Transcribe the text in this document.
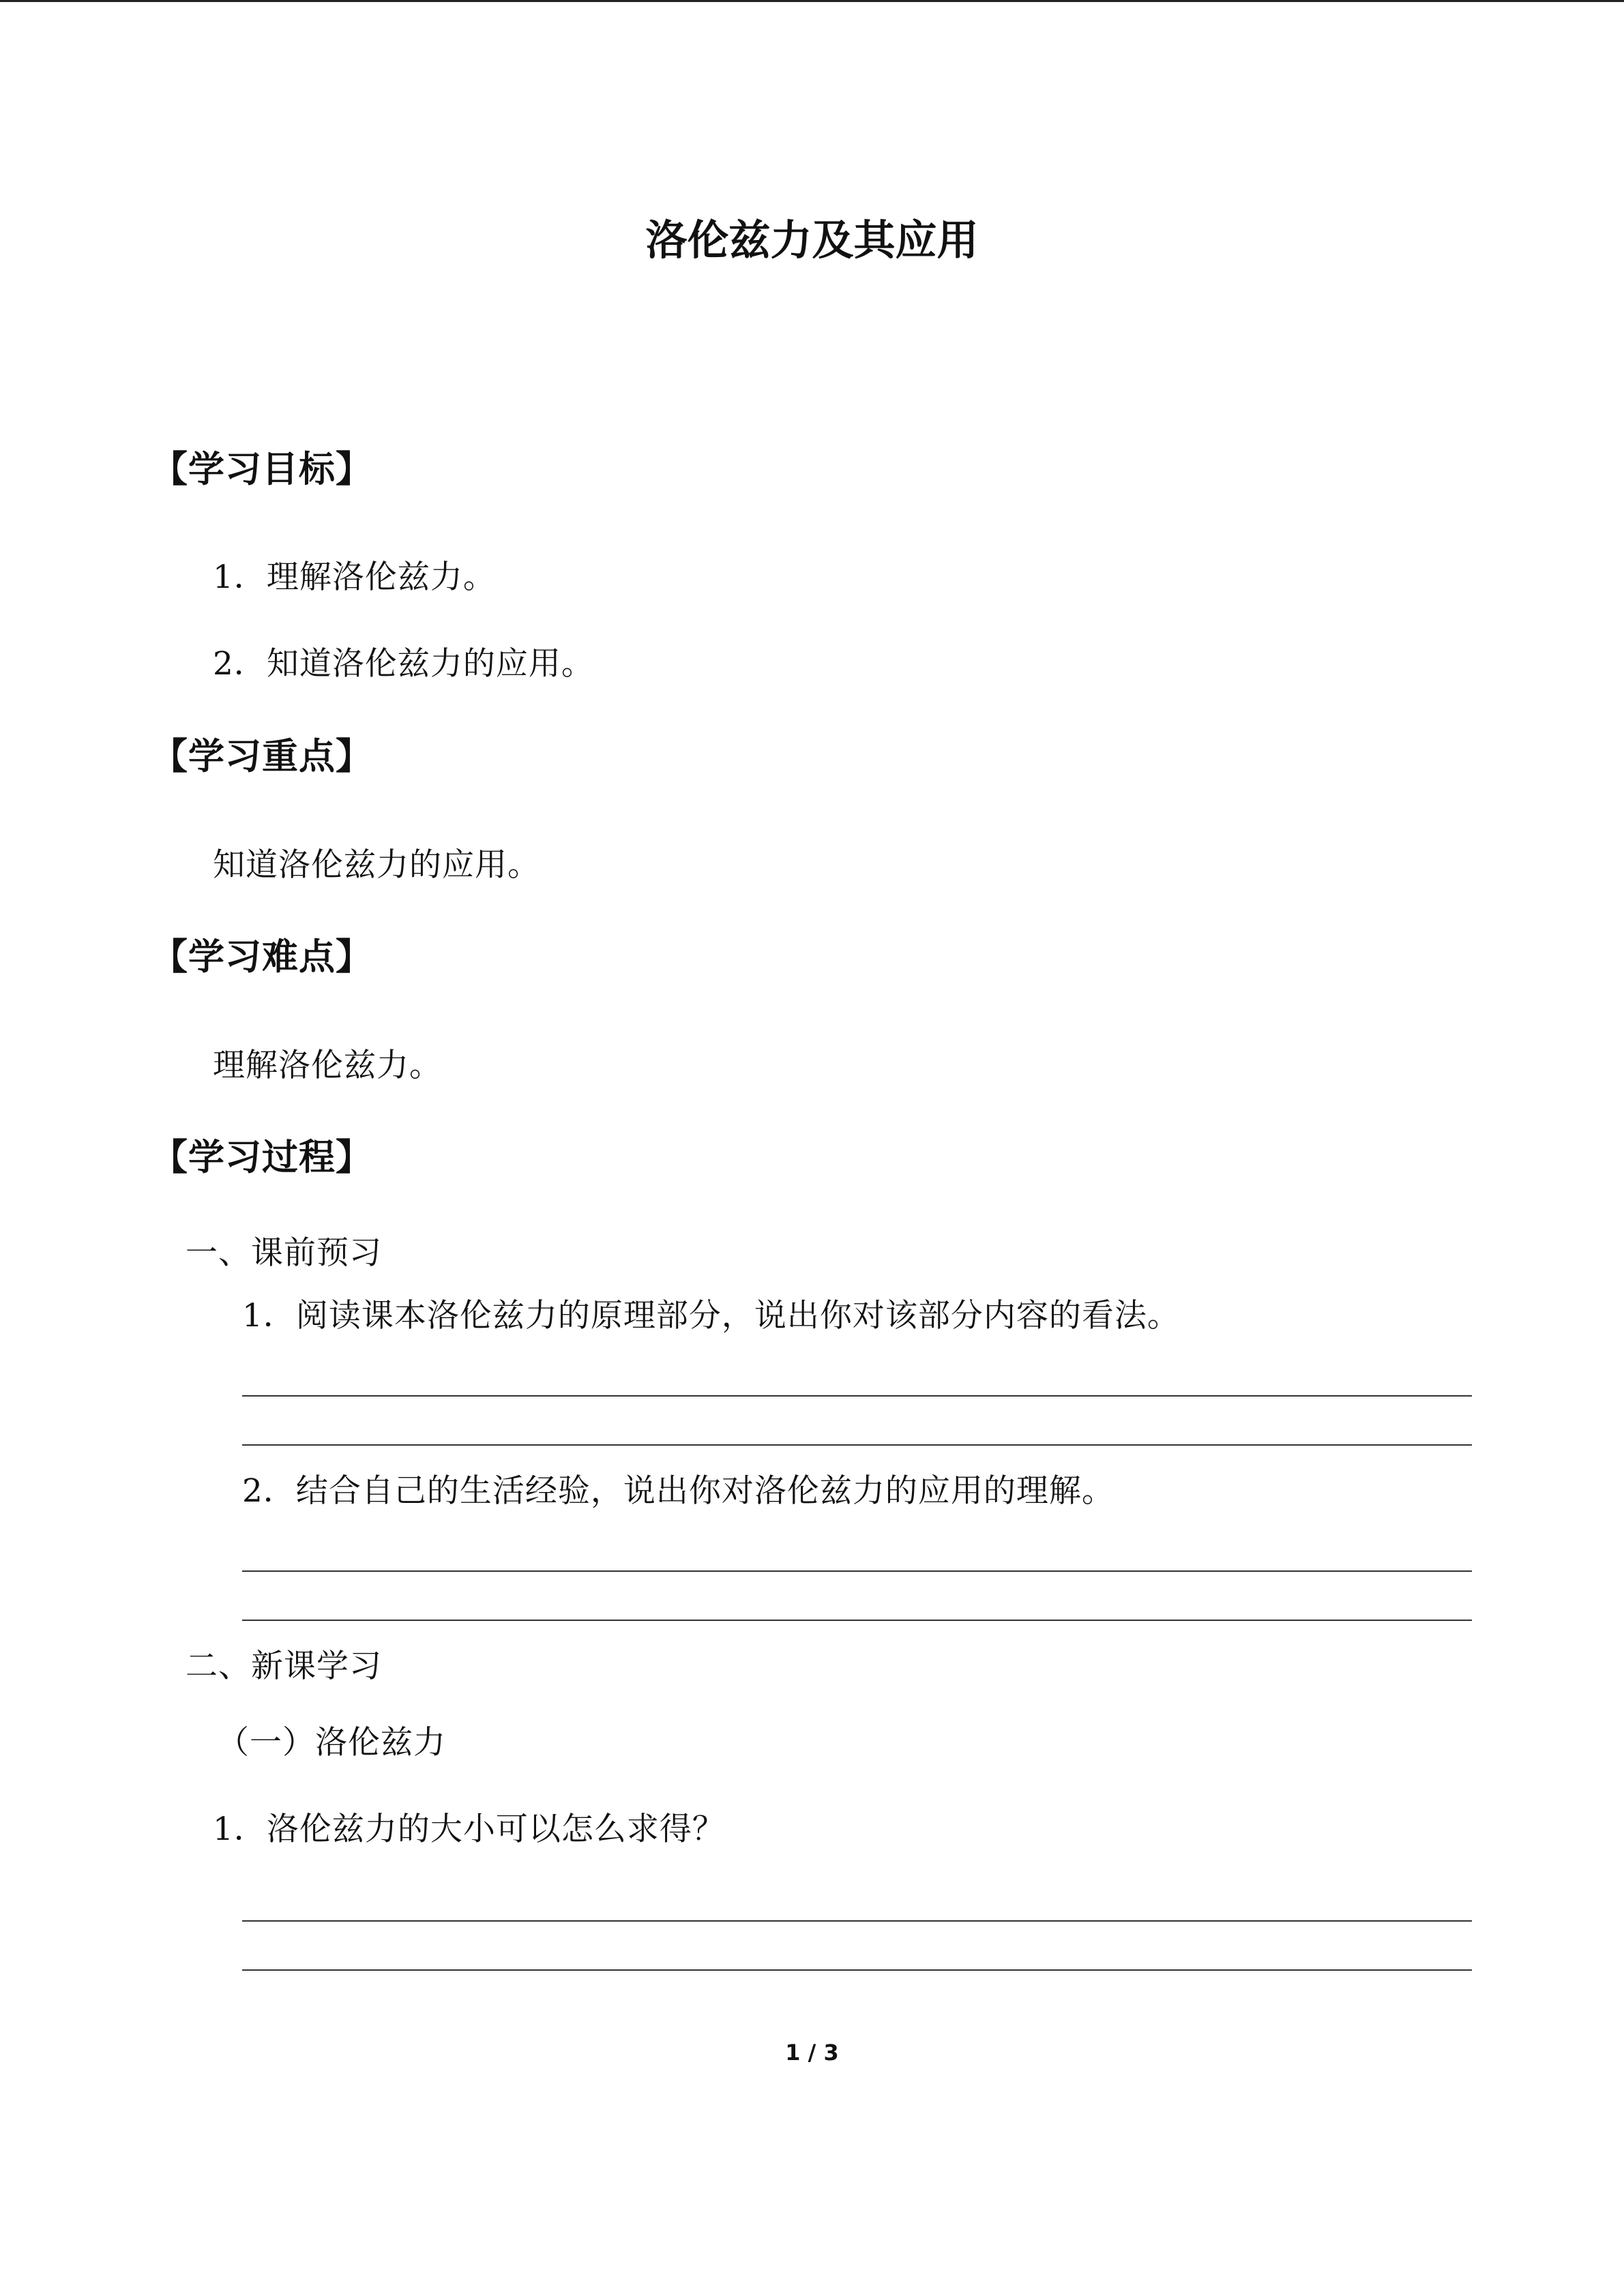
洛伦兹力及其应用
【学习目标】
1．理解洛伦兹力。
2．知道洛伦兹力的应用。
【学习重点】
知道洛伦兹力的应用。
【学习难点】
理解洛伦兹力。
【学习过程】
一、课前预习
1．阅读课本洛伦兹力的原理部分，说出你对该部分内容的看法。
2．结合自己的生活经验，说出你对洛伦兹力的应用的理解。
二、新课学习
（一）洛伦兹力
1．洛伦兹力的大小可以怎么求得？
1 / 3
